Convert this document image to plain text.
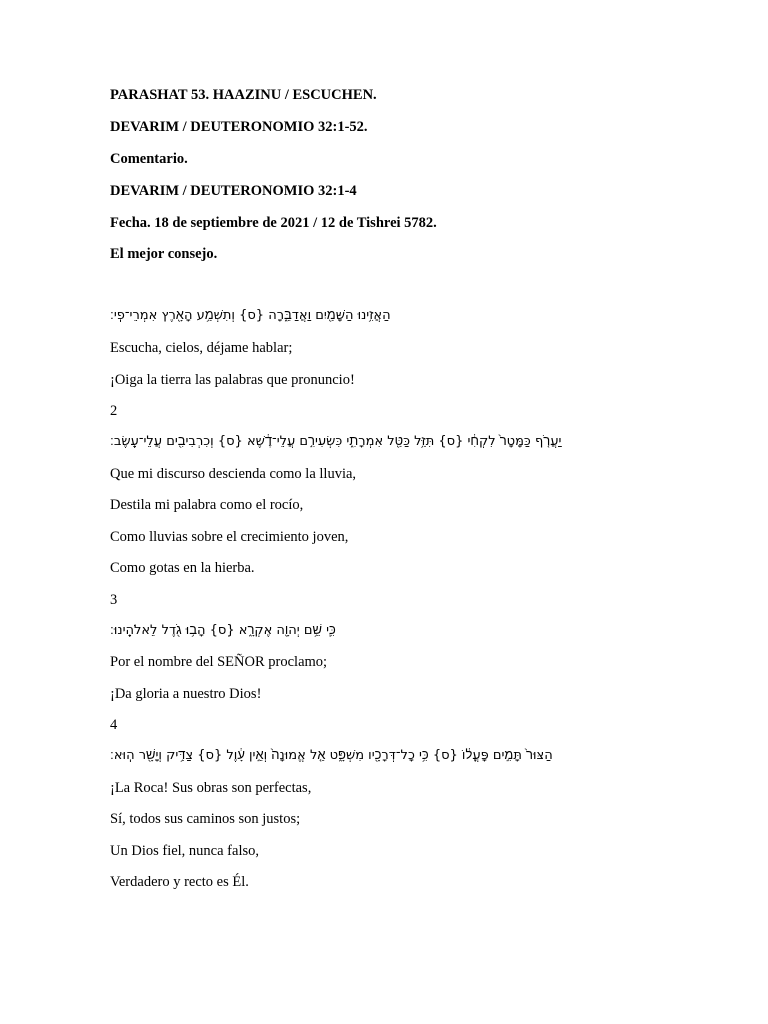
PARASHAT 53. HAAZINU / ESCUCHEN.
DEVARIM / DEUTERONOMIO 32:1-52.
Comentario.
DEVARIM / DEUTERONOMIO 32:1-4
Fecha. 18 de septiembre de 2021 / 12 de Tishrei 5782.
El mejor consejo.
הַאֲזִ֥ינוּ הַשָּׁמַ֖יִם וַאֲדַבֵּ֑רָה {ס} וְתִשְׁמַ֥ע הָאָ֖רֶץ אִמְרֵי־פִֽי׃
Escucha, cielos, déjame hablar;
¡Oiga la tierra las palabras que pronuncio!
2
יַעֲרֹ֤ף כַּמָּטָר֙ לִקְחִ֔י {ס} תִּזַּ֥ל כַּטַּ֖ל אִמְרָתִ֑י כִּשְׂעִירִ֣ם עֲלֵי־דֶ֔שֶׁא {ס} וְכִרְבִיבִ֖ים עֲלֵי־עֵֽשֶׂב׃
Que mi discurso descienda como la lluvia,
Destila mi palabra como el rocío,
Como lluvias sobre el crecimiento joven,
Como gotas en la hierba.
3
כִּ֛י שֵׁ֥ם יְהוָ֖ה אֶקְרָ֑א {ס} הָב֥וּ גֹ֖דֶל לֵאלֹהֵֽינוּ׃
Por el nombre del SEÑOR proclamo;
¡Da gloria a nuestro Dios!
4
הַצּוּר֙ תָּמִ֣ים פָּעֳל֔וֹ {ס} כִּ֥י כָל־דְּרָכָ֖יו מִשְׁפָּ֑ט אֵ֤ל אֱמוּנָה֙ וְאֵ֣ין עָ֔וֶל {ס} צַדִּ֥יק וְיָשָׁ֖ר הֽוּא׃
¡La Roca! Sus obras son perfectas,
Sí, todos sus caminos son justos;
Un Dios fiel, nunca falso,
Verdadero y recto es Él.
